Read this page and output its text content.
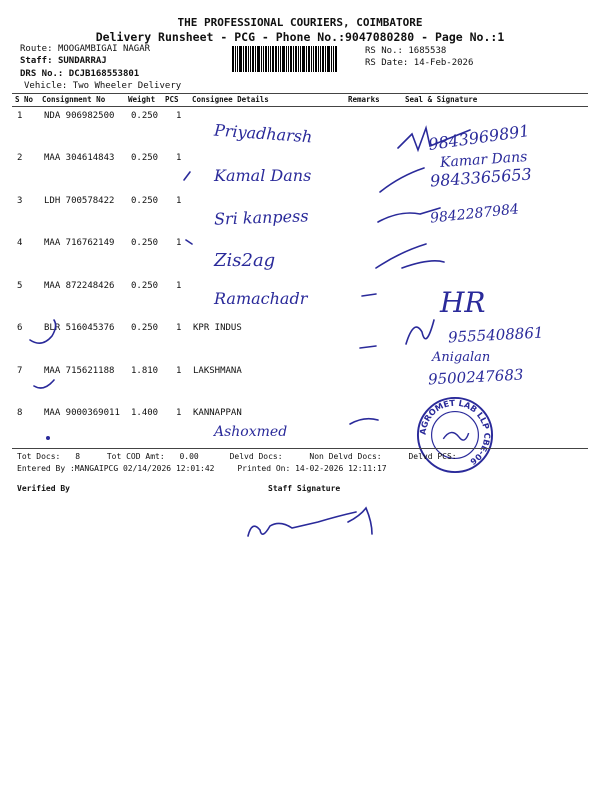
THE PROFESSIONAL COURIERS, COIMBATORE
Delivery Runsheet - PCG - Phone No.:9047080280 - Page No.:1
Route: MOOGAMBIGAI NAGAR
Staff: SUNDARRAJ
DRS No.: DCJB168553801
Vehicle: Two Wheeler Delivery
RS No.: 1685538
RS Date: 14-Feb-2026
S No Consignment No	Weight PCS Consignee Details	Remarks	Seal & Signature
1 NDA 906982500 0.250 1
2 MAA 304614843 0.250 1
3 LDH 700578422 0.250 1
4 MAA 716762149 0.250 1
5 MAA 872248426 0.250 1
6 BLR 516045376 0.250 1 KPR INDUS
7 MAA 715621188 1.810 1 LAKSHMANA
8 MAA 9000369011 1.400 1 KANNAPPAN
Priyadharsh
Kamal Dans
Sri kanpess
Zis2ag
Ramachadr
Ashoxmed
9843969891
Kamar Dans
9843365653
9842287984
HR
9555408861
Anigalan
9500247683
AGROMET LAB LLP CBE-06
Tot Docs: 8	Tot COD Amt: 0.00	Delvd Docs:	Non Delvd Docs:	Delvd PCS:
Entered By :MANGAIPCG 02/14/2026 12:01:42	Printed On: 14-02-2026 12:11:17
Verified By	Staff Signature
